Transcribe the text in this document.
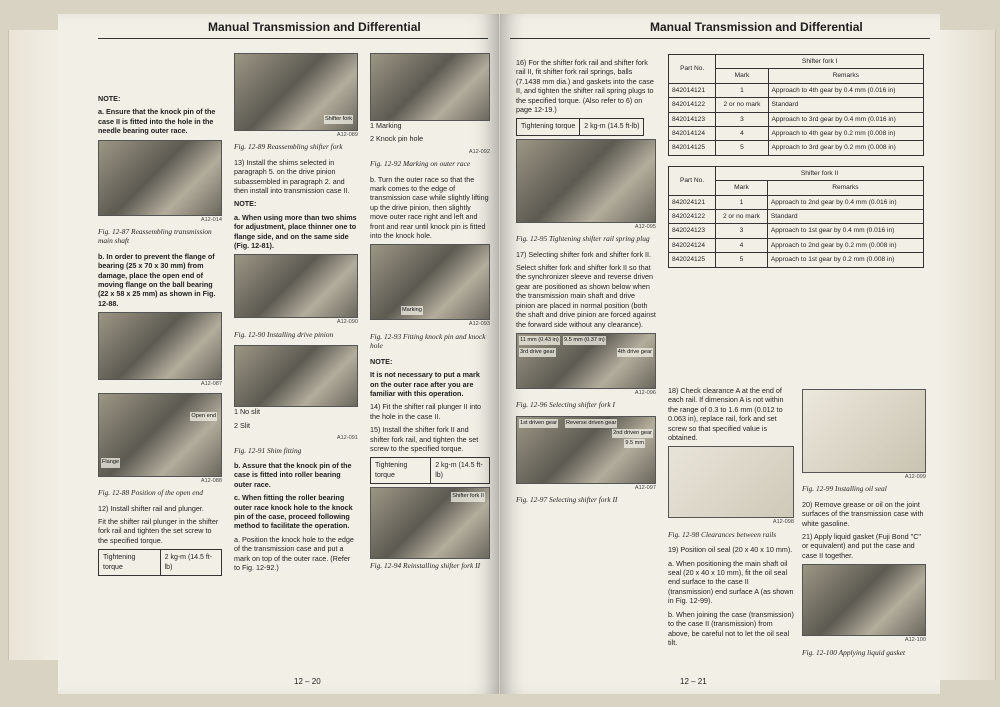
Manual Transmission and Differential

NOTE:

a. Ensure that the knock pin of the case II is fitted into the hole in the needle bearing outer race.

A12-014

Fig. 12-87 Reassembling transmission main shaft

b. In order to prevent the flange of bearing (25 x 70 x 30 mm) from damage, place the open end of moving flange on the ball bearing (22 x 58 x 25 mm) as shown in Fig. 12-88.

A12-087
Open end
Flange
A12-088

Fig. 12-88 Position of the open end

12) Install shifter rail and plunger.

Fit the shifter rail plunger in the shifter fork rail and tighten the set screw to the specified torque.

Tightening torque	2 kg-m (14.5 ft-lb)
Shifter fork
A12-089

Fig. 12-89 Reassembling shifter fork

13) Install the shims selected in paragraph 5. on the drive pinion subassembled in paragraph 2. and then install into transmission case II.

NOTE:

a. When using more than two shims for adjustment, place thinner one to flange side, and on the same side (Fig. 12-81).

A12-090

Fig. 12-90 Installing drive pinion

1 No slit

2 Slit

A12-091

Fig. 12-91 Shim fitting

b. Assure that the knock pin of the case is fitted into roller bearing outer race.

c. When fitting the roller bearing outer race knock hole to the knock pin of the case, proceed following method to facilitate the operation.

a. Position the knock hole to the edge of the transmission case and put a mark on top of the outer race. (Refer to Fig. 12-92.)

1 Marking

2 Knock pin hole

A12-092

Fig. 12-92 Marking on outer race

b. Turn the outer race so that the mark comes to the edge of transmission case while slightly lifting up the drive pinion, then slightly move outer race right and left and front and rear until knock pin is fitted into the knock hole.

Marking
A12-093

Fig. 12-93 Fitting knock pin and knock hole

NOTE:

It is not necessary to put a mark on the outer race after you are familiar with this operation.

14) Fit the shifter rail plunger II into the hole in the case II.

15) Install the shifter fork II and shifter fork rail, and tighten the set screw to the specified torque.

Tightening torque	2 kg-m (14.5 ft-lb)
Shifter fork II

Fig. 12-94 Reinstalling shifter fork II

12 – 20
Manual Transmission and Differential

16) For the shifter fork rail and shifter fork rail II, fit shifter fork rail springs, balls (7.1438 mm dia.) and gaskets into the case II, and tighten the shifter rail spring plugs to the specified torque. (Also refer to 6) on page 12-19.)

Tightening torque	2 kg-m (14.5 ft-lb)
A12-095

Fig. 12-95 Tightening shifter rail spring plug

17) Selecting shifter fork and shifter fork II.

Select shifter fork and shifter fork II so that the synchronizer sleeve and reverse driven gear are positioned as shown below when the transmission main shaft and drive pinion are placed in normal position (both the shaft and drive pinion are forced against the forward side without any clearance).

11 mm (0.43 in) 9.5 mm (0.37 in)
3rd drive gear	4th drive gear
A12-096

Fig. 12-96 Selecting shifter fork I

1st driven gear Reverse driven gear
2nd driven gear
9.5 mm
A12-097

Fig. 12-97 Selecting shifter fork II

Part No.	Shifter fork I	
	Mark	Remarks
842014121	1	Approach to 4th gear by 0.4 mm (0.016 in)
842014122	2 or no mark	Standard
842014123	3	Approach to 3rd gear by 0.4 mm (0.016 in)
842014124	4	Approach to 4th gear by 0.2 mm (0.008 in)
842014125	5	Approach to 3rd gear by 0.2 mm (0.008 in)
Part No.	Shifter fork II	
	Mark	Remarks
842024121	1	Approach to 2nd gear by 0.4 mm (0.016 in)
842024122	2 or no mark	Standard
842024123	3	Approach to 1st gear by 0.4 mm (0.016 in)
842024124	4	Approach to 2nd gear by 0.2 mm (0.008 in)
842024125	5	Approach to 1st gear by 0.2 mm (0.008 in)

18) Check clearance A at the end of each rail. If dimension A is not within the range of 0.3 to 1.6 mm (0.012 to 0.063 in), replace rail, fork and set screw so that specified value is obtained.

A12-098

Fig. 12-98 Clearances between rails

19) Position oil seal (20 x 40 x 10 mm).

a. When positioning the main shaft oil seal (20 x 40 x 10 mm), fit the oil seal end surface to the case II (transmission) end surface A (as shown in Fig. 12-99).

b. When joining the case (transmission) to the case II (transmission) from above, be careful not to let the oil seal tilt.

A12-099

Fig. 12-99 Installing oil seal

20) Remove grease or oil on the joint surfaces of the transmission case with white gasoline.

21) Apply liquid gasket (Fuji Bond "C" or equivalent) and put the case and case II together.

A12-100

Fig. 12-100 Applying liquid gasket

12 – 21
